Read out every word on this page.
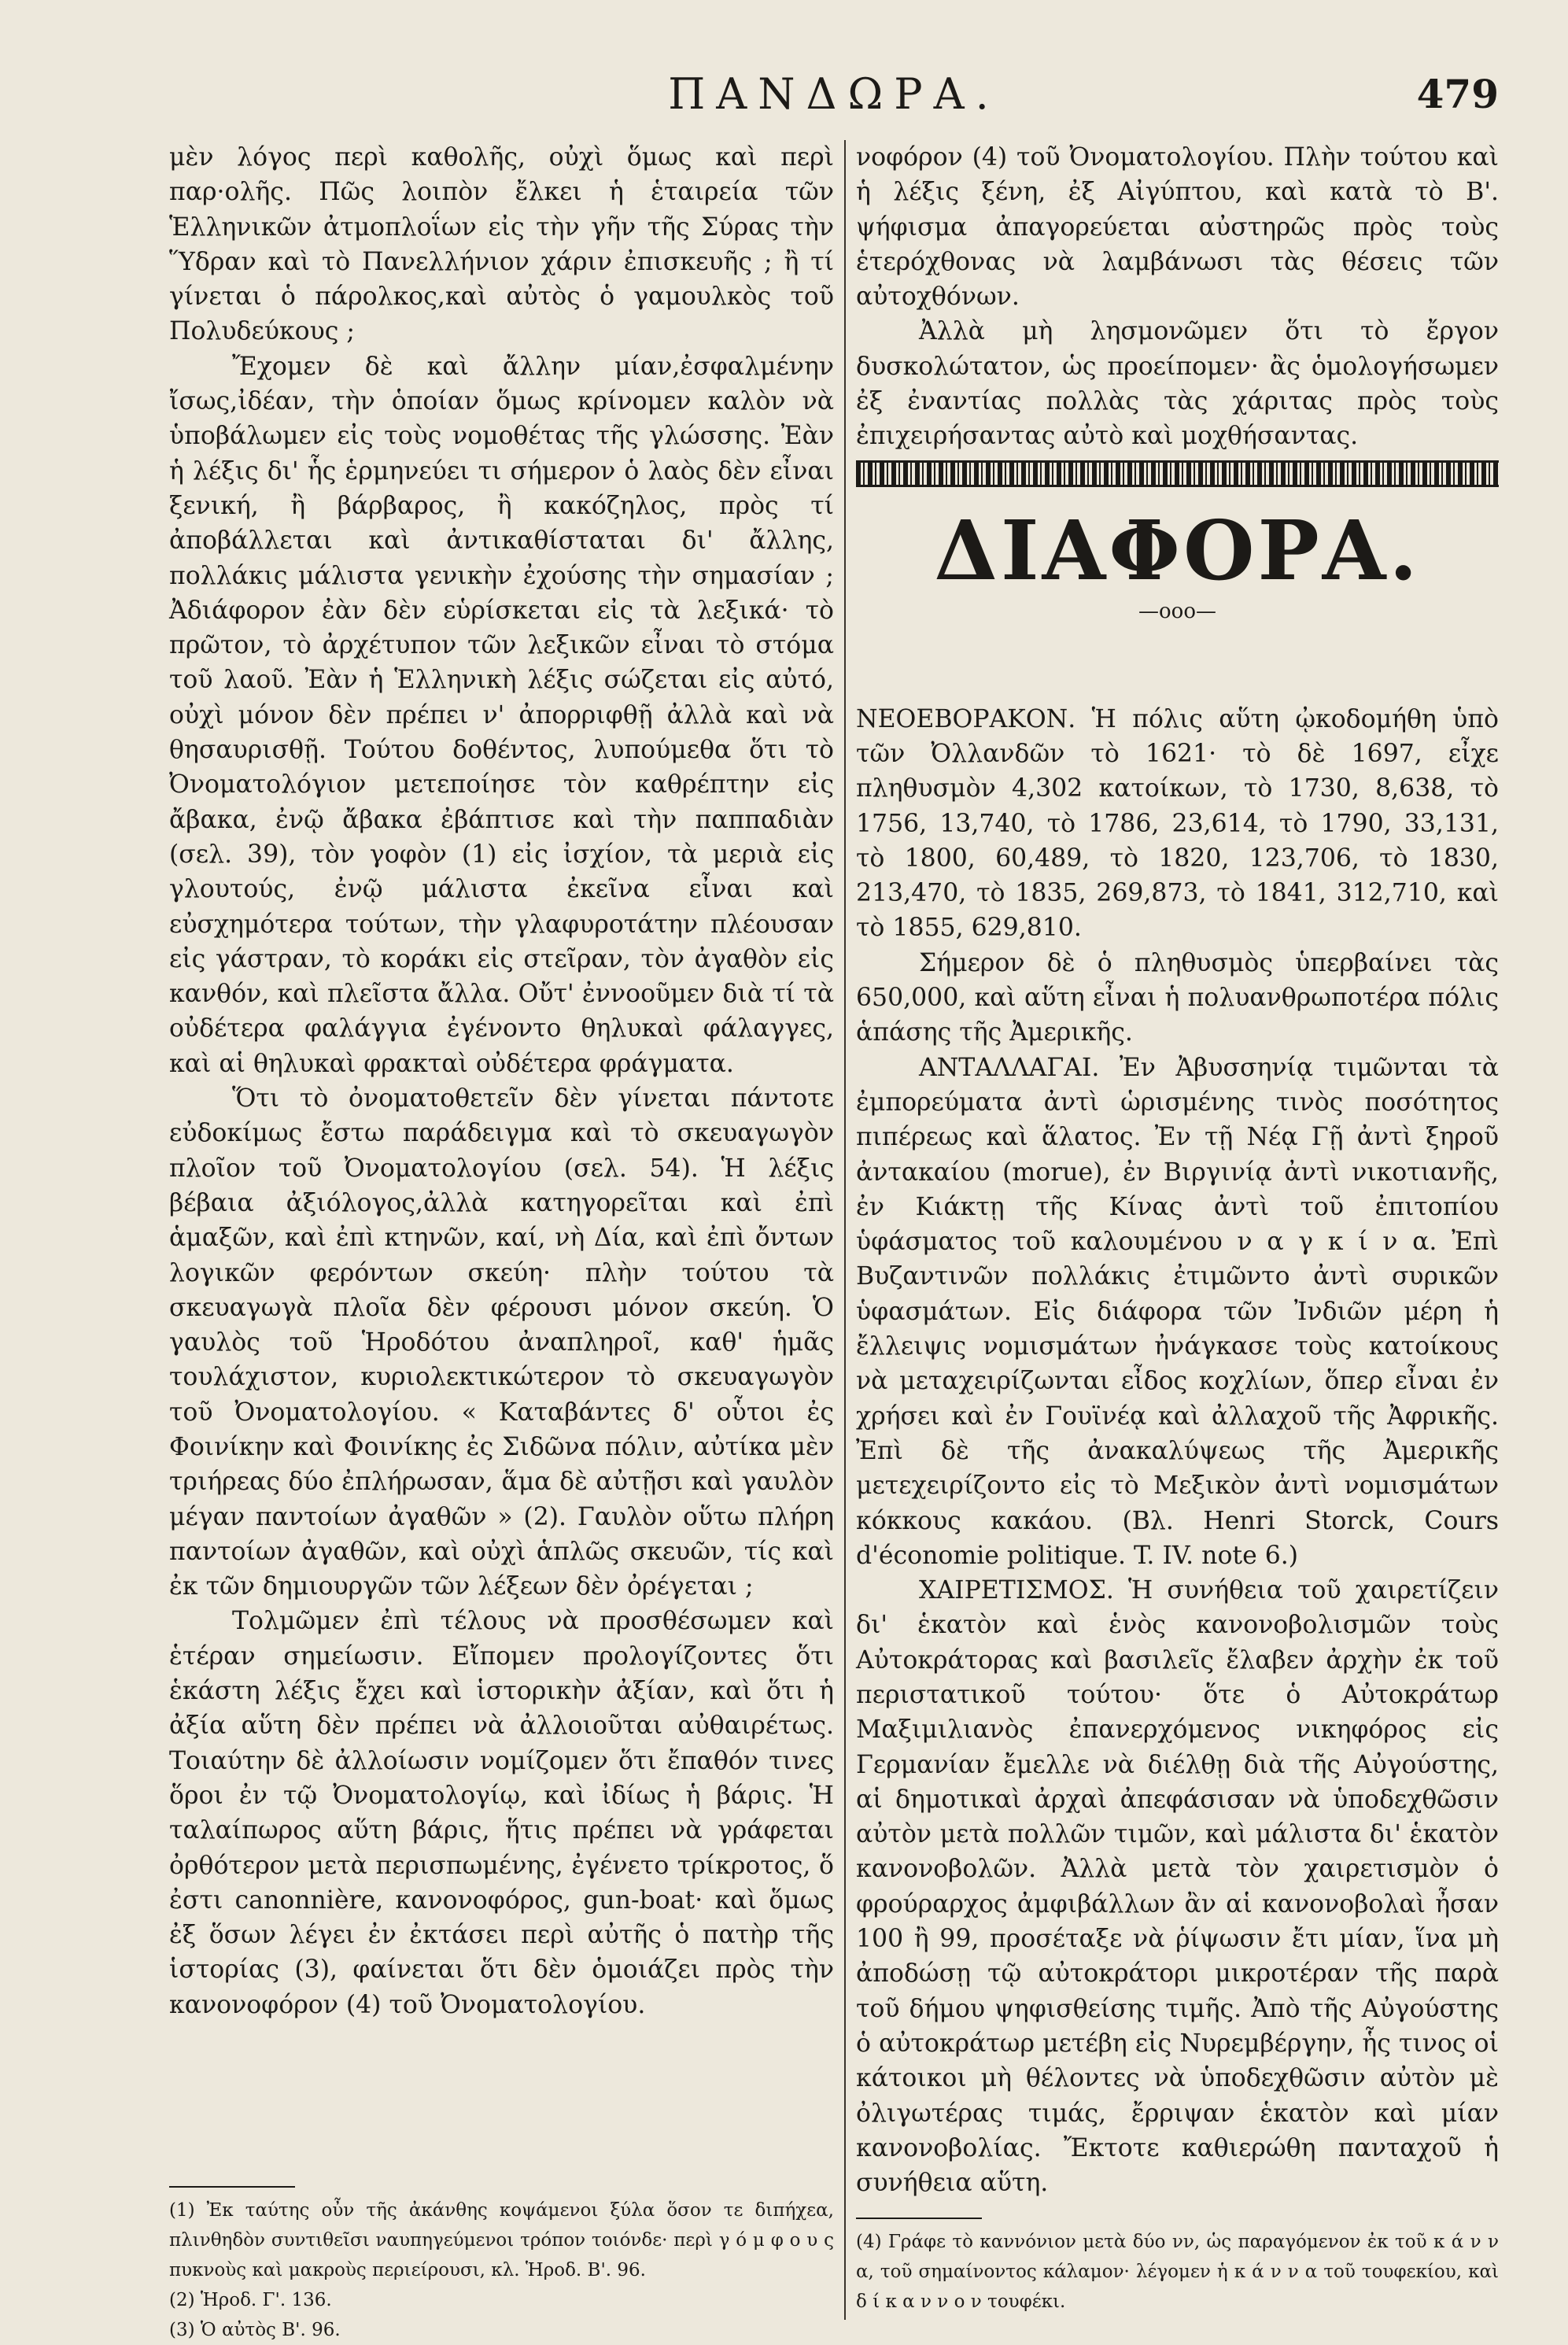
ΠΑΝΔΩΡΑ.	479

μὲν λόγος περὶ καθολῆς, οὐχὶ ὅμως καὶ περὶ παρ·ολῆς. Πῶς λοιπὸν ἔλκει ἡ ἑταιρεία τῶν Ἑλληνικῶν ἀτμοπλοΐων εἰς τὴν γῆν τῆς Σύρας τὴν Ὕδραν καὶ τὸ Πανελλήνιον χάριν ἐπισκευῆς ; ἢ τί γίνεται ὁ πάρολκος,καὶ αὐτὸς ὁ γαμουλκὸς τοῦ Πολυδεύκους ;

Ἔχομεν δὲ καὶ ἄλλην μίαν,ἐσφαλμένην ἴσως,ἰδέαν, τὴν ὁποίαν ὅμως κρίνομεν καλὸν νὰ ὑποβάλωμεν εἰς τοὺς νομοθέτας τῆς γλώσσης. Ἐὰν ἡ λέξις δι' ἧς ἑρμηνεύει τι σήμερον ὁ λαὸς δὲν εἶναι ξενική, ἢ βάρβαρος, ἢ κακόζηλος, πρὸς τί ἀποβάλλεται καὶ ἀντικαθίσταται δι' ἄλλης, πολλάκις μάλιστα γενικὴν ἐχούσης τὴν σημασίαν ; Ἀδιάφορον ἐὰν δὲν εὑρίσκεται εἰς τὰ λεξικά· τὸ πρῶτον, τὸ ἀρχέτυπον τῶν λεξικῶν εἶναι τὸ στόμα τοῦ λαοῦ. Ἐὰν ἡ Ἑλληνικὴ λέξις σώζεται εἰς αὐτό, οὐχὶ μόνον δὲν πρέπει ν' ἀπορριφθῇ ἀλλὰ καὶ νὰ θησαυρισθῇ. Τούτου δοθέντος, λυπούμεθα ὅτι τὸ Ὀνοματολόγιον μετεποίησε τὸν καθρέπτην εἰς ἄβακα, ἐνῷ ἄβακα ἐβάπτισε καὶ τὴν παππαδιὰν (σελ. 39), τὸν γοφὸν (1) εἰς ἰσχίον, τὰ μεριὰ εἰς γλουτούς, ἐνῷ μάλιστα ἐκεῖνα εἶναι καὶ εὐσχημότερα τούτων, τὴν γλαφυροτάτην πλέουσαν εἰς γάστραν, τὸ κοράκι εἰς στεῖραν, τὸν ἀγαθὸν εἰς κανθόν, καὶ πλεῖστα ἄλλα. Οὔτ' ἐννοοῦμεν διὰ τί τὰ οὐδέτερα φαλάγγια ἐγένοντο θηλυκαὶ φάλαγγες, καὶ αἱ θηλυκαὶ φρακταὶ οὐδέτερα φράγματα.

Ὅτι τὸ ὀνοματοθετεῖν δὲν γίνεται πάντοτε εὐδοκίμως ἔστω παράδειγμα καὶ τὸ σκευαγωγὸν πλοῖον τοῦ Ὀνοματολογίου (σελ. 54). Ἡ λέξις βέβαια ἀξιόλογος,ἀλλὰ κατηγορεῖται καὶ ἐπὶ ἁμαξῶν, καὶ ἐπὶ κτηνῶν, καί, νὴ Δία, καὶ ἐπὶ ὄντων λογικῶν φερόντων σκεύη· πλὴν τούτου τὰ σκευαγωγὰ πλοῖα δὲν φέρουσι μόνον σκεύη. Ὁ γαυλὸς τοῦ Ἡροδότου ἀναπληροῖ, καθ' ἡμᾶς τουλάχιστον, κυριολεκτικώτερον τὸ σκευαγωγὸν τοῦ Ὀνοματολογίου. « Καταβάντες δ' οὗτοι ἐς Φοινίκην καὶ Φοινίκης ἐς Σιδῶνα πόλιν, αὐτίκα μὲν τριήρεας δύο ἐπλήρωσαν, ἅμα δὲ αὐτῇσι καὶ γαυλὸν μέγαν παντοίων ἀγαθῶν » (2). Γαυλὸν οὕτω πλήρη παντοίων ἀγαθῶν, καὶ οὐχὶ ἁπλῶς σκευῶν, τίς καὶ ἐκ τῶν δημιουργῶν τῶν λέξεων δὲν ὀρέγεται ;

Τολμῶμεν ἐπὶ τέλους νὰ προσθέσωμεν καὶ ἑτέραν σημείωσιν. Εἴπομεν προλογίζοντες ὅτι ἑκάστη λέξις ἔχει καὶ ἱστορικὴν ἀξίαν, καὶ ὅτι ἡ ἀξία αὕτη δὲν πρέπει νὰ ἀλλοιοῦται αὐθαιρέτως. Τοιαύτην δὲ ἀλλοίωσιν νομίζομεν ὅτι ἔπαθόν τινες ὅροι ἐν τῷ Ὀνοματολογίῳ, καὶ ἰδίως ἡ βάρις. Ἡ ταλαίπωρος αὕτη βάρις, ἥτις πρέπει νὰ γράφεται ὀρθότερον μετὰ περισπωμένης, ἐγένετο τρίκροτος, ὅ ἐστι canonnière, κανονοφόρος, gun-boat· καὶ ὅμως ἐξ ὅσων λέγει ἐν ἐκτάσει περὶ αὐτῆς ὁ πατὴρ τῆς ἱστορίας (3), φαίνεται ὅτι δὲν ὁμοιάζει πρὸς τὴν κανονοφόρον (4) τοῦ Ὀνοματολογίου.

νοφόρον (4) τοῦ Ὀνοματολογίου. Πλὴν τούτου καὶ ἡ λέξις ξένη, ἐξ Αἰγύπτου, καὶ κατὰ τὸ Β'. ψήφισμα ἀπαγορεύεται αὐστηρῶς πρὸς τοὺς ἑτερόχθονας νὰ λαμβάνωσι τὰς θέσεις τῶν αὐτοχθόνων.

Ἀλλὰ μὴ λησμονῶμεν ὅτι τὸ ἔργον δυσκολώτατον, ὡς προείπομεν· ἂς ὁμολογήσωμεν ἐξ ἐναντίας πολλὰς τὰς χάριτας πρὸς τοὺς ἐπιχειρήσαντας αὐτὸ καὶ μοχθήσαντας.

ΝΕΟΕΒΟΡΑΚΟΝ. Ἡ πόλις αὕτη ᾠκοδομήθη ὑπὸ τῶν Ὀλλανδῶν τὸ 1621· τὸ δὲ 1697, εἶχε πληθυσμὸν 4,302 κατοίκων, τὸ 1730, 8,638, τὸ 1756, 13,740, τὸ 1786, 23,614, τὸ 1790, 33,131, τὸ 1800, 60,489, τὸ 1820, 123,706, τὸ 1830, 213,470, τὸ 1835, 269,873, τὸ 1841, 312,710, καὶ τὸ 1855, 629,810.

Σήμερον δὲ ὁ πληθυσμὸς ὑπερβαίνει τὰς 650,000, καὶ αὕτη εἶναι ἡ πολυανθρωποτέρα πόλις ἁπάσης τῆς Ἀμερικῆς.

ΑΝΤΑΛΛΑΓΑΙ. Ἐν Ἀβυσσηνίᾳ τιμῶνται τὰ ἐμπορεύματα ἀντὶ ὡρισμένης τινὸς ποσότητος πιπέρεως καὶ ἅλατος. Ἐν τῇ Νέᾳ Γῇ ἀντὶ ξηροῦ ἀντακαίου (morue), ἐν Βιργινίᾳ ἀντὶ νικοτιανῆς, ἐν Κιάκτῃ τῆς Κίνας ἀντὶ τοῦ ἐπιτοπίου ὑφάσματος τοῦ καλουμένου ν α γ κ ί ν α. Ἐπὶ Βυζαντινῶν πολλάκις ἐτιμῶντο ἀντὶ συρικῶν ὑφασμάτων. Εἰς διάφορα τῶν Ἰνδιῶν μέρη ἡ ἔλλειψις νομισμάτων ἠνάγκασε τοὺς κατοίκους νὰ μεταχειρίζωνται εἶδος κοχλίων, ὅπερ εἶναι ἐν χρήσει καὶ ἐν Γουϊνέᾳ καὶ ἀλλαχοῦ τῆς Ἀφρικῆς. Ἐπὶ δὲ τῆς ἀνακαλύψεως τῆς Ἀμερικῆς μετεχειρίζοντο εἰς τὸ Μεξικὸν ἀντὶ νομισμάτων κόκκους κακάου. (Βλ. Henri Storck, Cours d'économie politique. T. IV. note 6.)

ΧΑΙΡΕΤΙΣΜΟΣ. Ἡ συνήθεια τοῦ χαιρετίζειν δι' ἑκατὸν καὶ ἑνὸς κανονοβολισμῶν τοὺς Αὐτοκράτορας καὶ βασιλεῖς ἔλαβεν ἀρχὴν ἐκ τοῦ περιστατικοῦ τούτου· ὅτε ὁ Αὐτοκράτωρ Μαξιμιλιανὸς ἐπανερχόμενος νικηφόρος εἰς Γερμανίαν ἔμελλε νὰ διέλθῃ διὰ τῆς Αὐγούστης, αἱ δημοτικαὶ ἀρχαὶ ἀπεφάσισαν νὰ ὑποδεχθῶσιν αὐτὸν μετὰ πολλῶν τιμῶν, καὶ μάλιστα δι' ἑκατὸν κανονοβολῶν. Ἀλλὰ μετὰ τὸν χαιρετισμὸν ὁ φρούραρχος ἀμφιβάλλων ἂν αἱ κανονοβολαὶ ἦσαν 100 ἢ 99, προσέταξε νὰ ῥίψωσιν ἔτι μίαν, ἵνα μὴ ἀποδώσῃ τῷ αὐτοκράτορι μικροτέραν τῆς παρὰ τοῦ δήμου ψηφισθείσης τιμῆς. Ἀπὸ τῆς Αὐγούστης ὁ αὐτοκράτωρ μετέβη εἰς Νυρεμβέργην, ἧς τινος οἱ κάτοικοι μὴ θέλοντες νὰ ὑποδεχθῶσιν αὐτὸν μὲ ὀλιγωτέρας τιμάς, ἔρριψαν ἑκατὸν καὶ μίαν κανονοβολίας. Ἔκτοτε καθιερώθη πανταχοῦ ἡ συνήθεια αὕτη.

ΔΙΑΦΟΡΑ.
—ooo—

(1) Ἐκ ταύτης οὖν τῆς ἀκάνθης κοψάμενοι ξύλα ὅσον τε διπήχεα, πλινθηδὸν συντιθεῖσι ναυπηγεύμενοι τρόπον τοιόνδε· περὶ γ ό μ φ ο υ ς πυκνοὺς καὶ μακροὺς περιείρουσι, κλ. Ἡροδ. Β'. 96.

(2) Ἡροδ. Γ'. 136.

(3) Ὁ αὐτὸς Β'. 96.

(4) Γράφε τὸ καννόνιον μετὰ δύο νν, ὡς παραγόμενον ἐκ τοῦ κ ά ν ν α, τοῦ σημαίνοντος κάλαμον· λέγομεν ἡ κ ά ν ν α τοῦ τουφεκίου, καὶ δ ί κ α ν ν ο ν τουφέκι.
